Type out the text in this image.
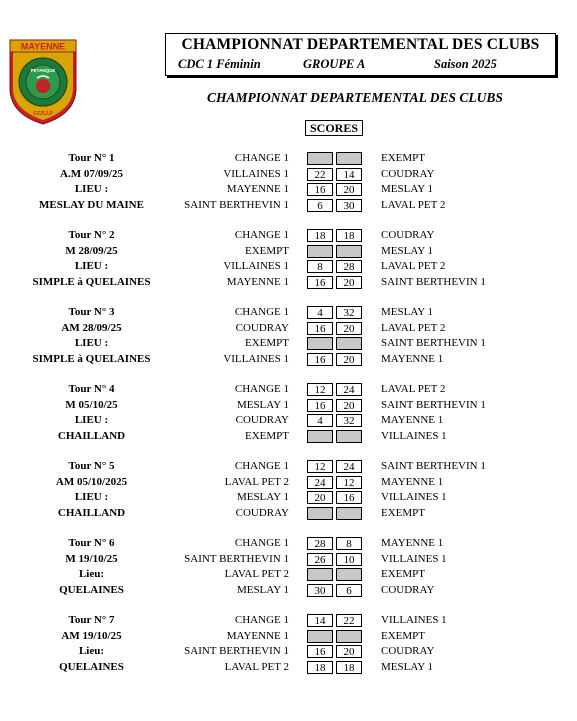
MAYENNE
PETANQUE
F.F.P.J.P
CHAMPIONNAT DEPARTEMENTAL DES CLUBS
CDC 1 Féminin	GROUPE A	Saison 2025
CHAMPIONNAT DEPARTEMENTAL DES CLUBS
SCORES
Tour N° 1
A.M 07/09/25
LIEU :
MESLAY DU MAINE
CHANGE 1	EXEMPT
VILLAINES 1	22	14	COUDRAY
MAYENNE 1	16	20	MESLAY 1
SAINT BERTHEVIN 1	6	30	LAVAL PET 2
Tour N° 2
M 28/09/25
LIEU :
SIMPLE à QUELAINES
CHANGE 1	18	18	COUDRAY
EXEMPT	MESLAY 1
VILLAINES 1	8	28	LAVAL PET 2
MAYENNE 1	16	20	SAINT BERTHEVIN 1
Tour N° 3
AM 28/09/25
LIEU :
SIMPLE à QUELAINES
CHANGE 1	4	32	MESLAY 1
COUDRAY	16	20	LAVAL PET 2
EXEMPT	SAINT BERTHEVIN 1
VILLAINES 1	16	20	MAYENNE 1
Tour N° 4
M 05/10/25
LIEU :
CHAILLAND
CHANGE 1	12	24	LAVAL PET 2
MESLAY 1	16	20	SAINT BERTHEVIN 1
COUDRAY	4	32	MAYENNE 1
EXEMPT	VILLAINES 1
Tour N° 5
AM 05/10/2025
LIEU :
CHAILLAND
CHANGE 1	12	24	SAINT BERTHEVIN 1
LAVAL PET 2	24	12	MAYENNE 1
MESLAY 1	20	16	VILLAINES 1
COUDRAY	EXEMPT
Tour N° 6
M 19/10/25
Lieu:
QUELAINES
CHANGE 1	28	8	MAYENNE 1
SAINT BERTHEVIN 1	26	10	VILLAINES 1
LAVAL PET 2	EXEMPT
MESLAY 1	30	6	COUDRAY
Tour N° 7
AM 19/10/25
Lieu:
QUELAINES
CHANGE 1	14	22	VILLAINES 1
MAYENNE 1	EXEMPT
SAINT BERTHEVIN 1	16	20	COUDRAY
LAVAL PET 2	18	18	MESLAY 1
